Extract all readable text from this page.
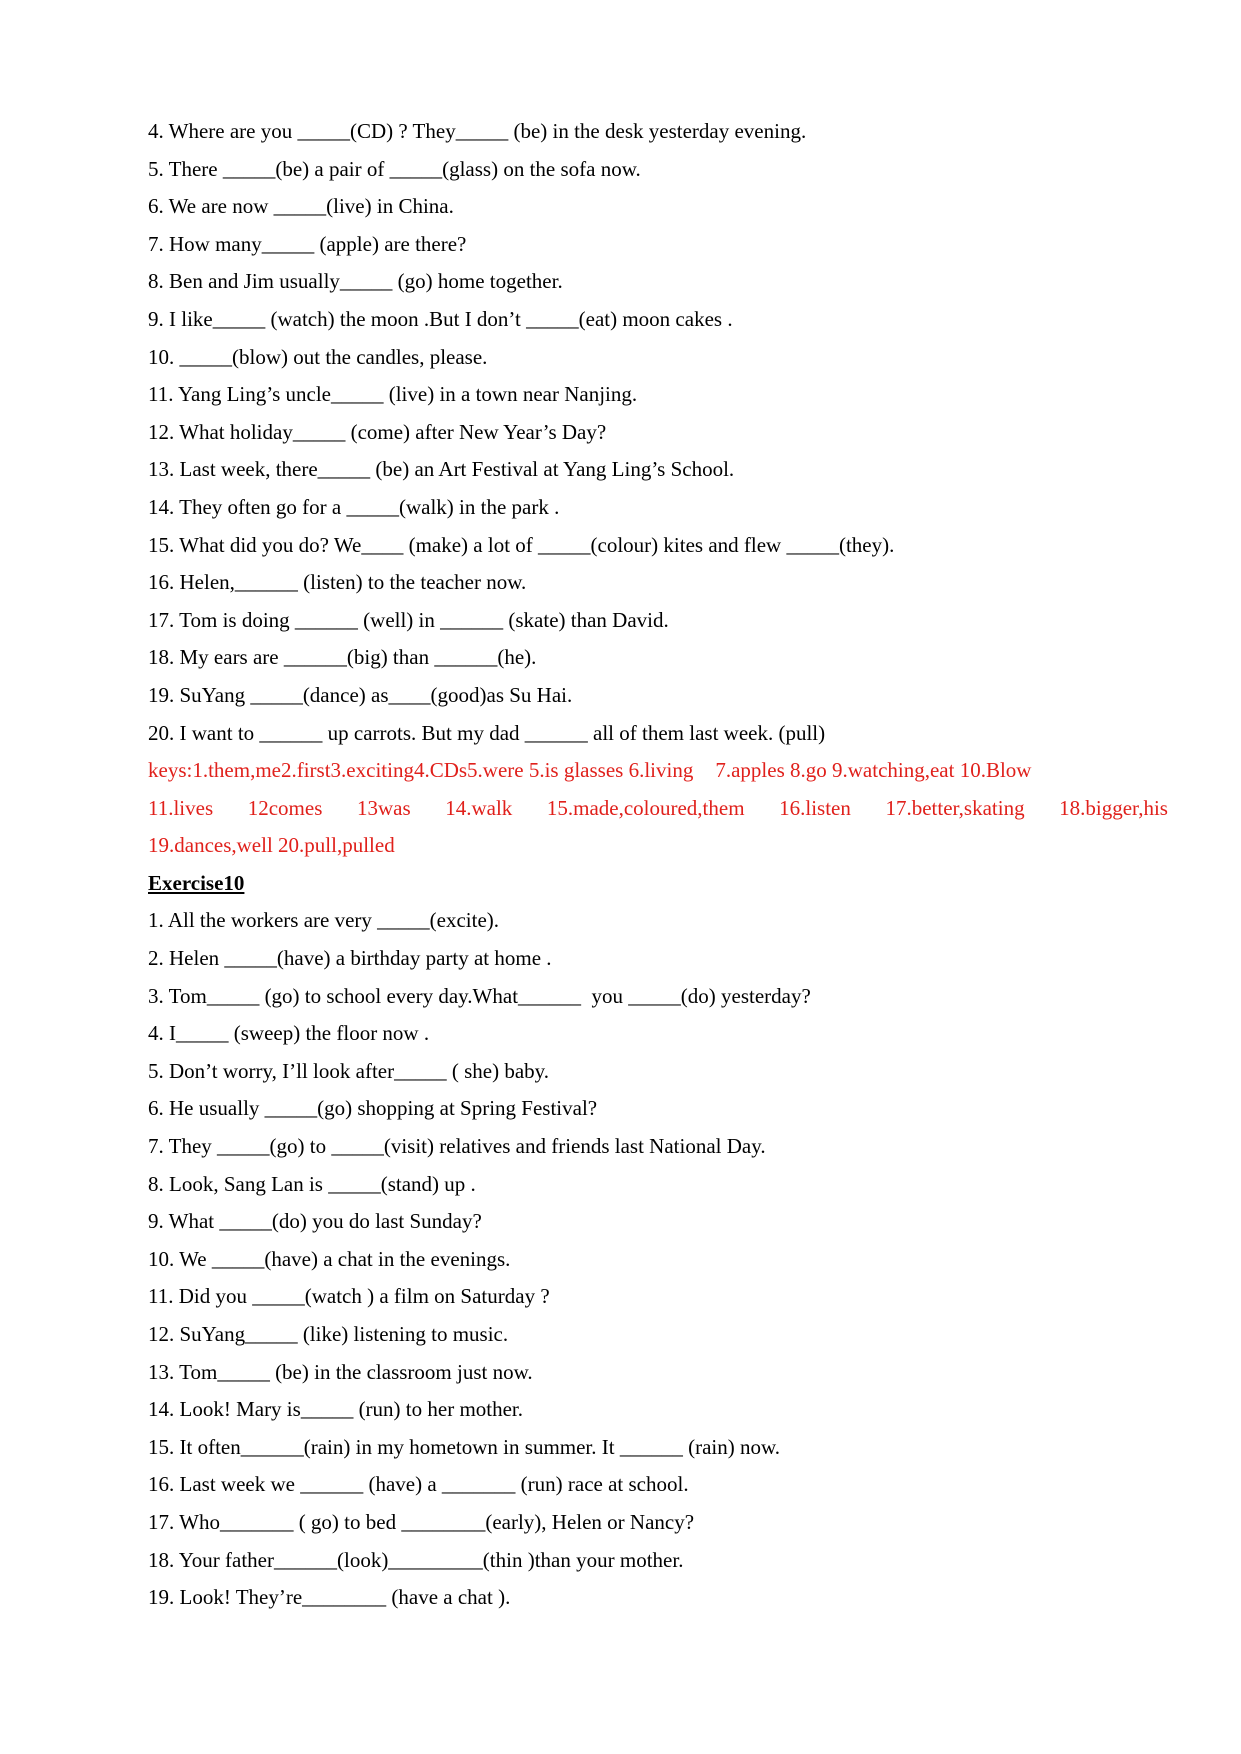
4. Where are you _____(CD) ? They_____ (be) in the desk yesterday evening.
5. There _____(be) a pair of _____(glass) on the sofa now.
6. We are now _____(live) in China.
7. How many_____ (apple) are there?
8. Ben and Jim usually_____ (go) home together.
9. I like_____ (watch) the moon .But I don’t _____(eat) moon cakes .
10. _____(blow) out the candles, please.
11. Yang Ling’s uncle_____ (live) in a town near Nanjing.
12. What holiday_____ (come) after New Year’s Day?
13. Last week, there_____ (be) an Art Festival at Yang Ling’s School.
14. They often go for a _____(walk) in the park .
15. What did you do? We____ (make) a lot of _____(colour) kites and flew _____(they).
16. Helen,______ (listen) to the teacher now.
17. Tom is doing ______ (well) in ______ (skate) than David.
18. My ears are ______(big) than ______(he).
19. SuYang _____(dance) as____(good)as Su Hai.
20. I want to ______ up carrots. But my dad ______ all of them last week. (pull)
keys:1.them,me2.first3.exciting4.CDs5.were 5.is glasses 6.living 7.apples 8.go 9.watching,eat 10.Blow
11.lives 12comes 13was 14.walk 15.made,coloured,them 16.listen 17.better,skating 18.bigger,his
19.dances,well 20.pull,pulled
Exercise10
1. All the workers are very _____(excite).
2. Helen _____(have) a birthday party at home .
3. Tom_____ (go) to school every day.What______  you _____(do) yesterday?
4. I_____ (sweep) the floor now .
5. Don’t worry, I’ll look after_____ ( she) baby.
6. He usually _____(go) shopping at Spring Festival?
7. They _____(go) to _____(visit) relatives and friends last National Day.
8. Look, Sang Lan is _____(stand) up .
9. What _____(do) you do last Sunday?
10. We _____(have) a chat in the evenings.
11. Did you _____(watch ) a film on Saturday ?
12. SuYang_____ (like) listening to music.
13. Tom_____ (be) in the classroom just now.
14. Look! Mary is_____ (run) to her mother.
15. It often______(rain) in my hometown in summer. It ______ (rain) now.
16. Last week we ______ (have) a _______ (run) race at school.
17. Who_______ ( go) to bed ________(early), Helen or Nancy?
18. Your father______(look)_________(thin )than your mother.
19. Look! They’re________ (have a chat ).
